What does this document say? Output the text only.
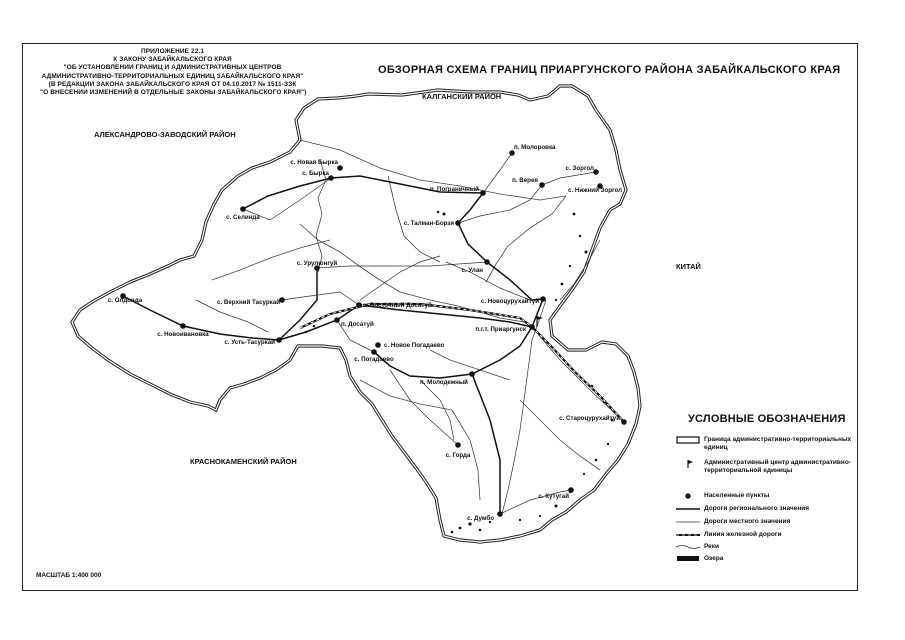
п. Молоровка
с. Новая Бырка
с. Бырка
п. Пограничный
п. Верея
с. Зоргол
с. Нижний Зоргол
с. Селинда
с. Талман-Борзя
с. Улан
с. Урулюнгуй
с. Новоцурухайтуй
с. Верхний Тасуркай	с. Восточный Досатуй
с. Олдонда
п. Досатуй
п.г.т. Приаргунск
с. Новоивановка
с. Усть-Тасуркай	с. Новое Погадаево
с. Погадаево
п. Молодежный
с. Староцурухайтуй
с. Горда
с. Кутугай
с. Думбо
ПРИЛОЖЕНИЕ 22.1
К ЗАКОНУ ЗАБАЙКАЛЬСКОГО КРАЯ
"ОБ УСТАНОВЛЕНИИ ГРАНИЦ И АДМИНИСТРАТИВНЫХ ЦЕНТРОВ
АДМИНИСТРАТИВНО-ТЕРРИТОРИАЛЬНЫХ ЕДИНИЦ ЗАБАЙКАЛЬСКОГО КРАЯ"
(В РЕДАКЦИИ ЗАКОНА ЗАБАЙКАЛЬСКОГО КРАЯ ОТ 04.10.2017 № 1511-ЗЗК
"О ВНЕСЕНИИ ИЗМЕНЕНИЙ В ОТДЕЛЬНЫЕ ЗАКОНЫ ЗАБАЙКАЛЬСКОГО КРАЯ")
ОБЗОРНАЯ СХЕМА ГРАНИЦ ПРИАРГУНСКОГО РАЙОНА ЗАБАЙКАЛЬСКОГО КРАЯ
КАЛГАНСКИЙ РАЙОН
АЛЕКСАНДРОВО-ЗАВОДСКИЙ РАЙОН
КИТАЙ
КРАСНОКАМЕНСКИЙ РАЙОН
МАСШТАБ 1:400 000
УСЛОВНЫЕ ОБОЗНАЧЕНИЯ
Граница административно-территориальных единиц
Административный центр административно-территориальной единицы
Населенные пункты
Дороги регионального значения
Дороги местного значения
Линия железной дороги
Реки
Озера
